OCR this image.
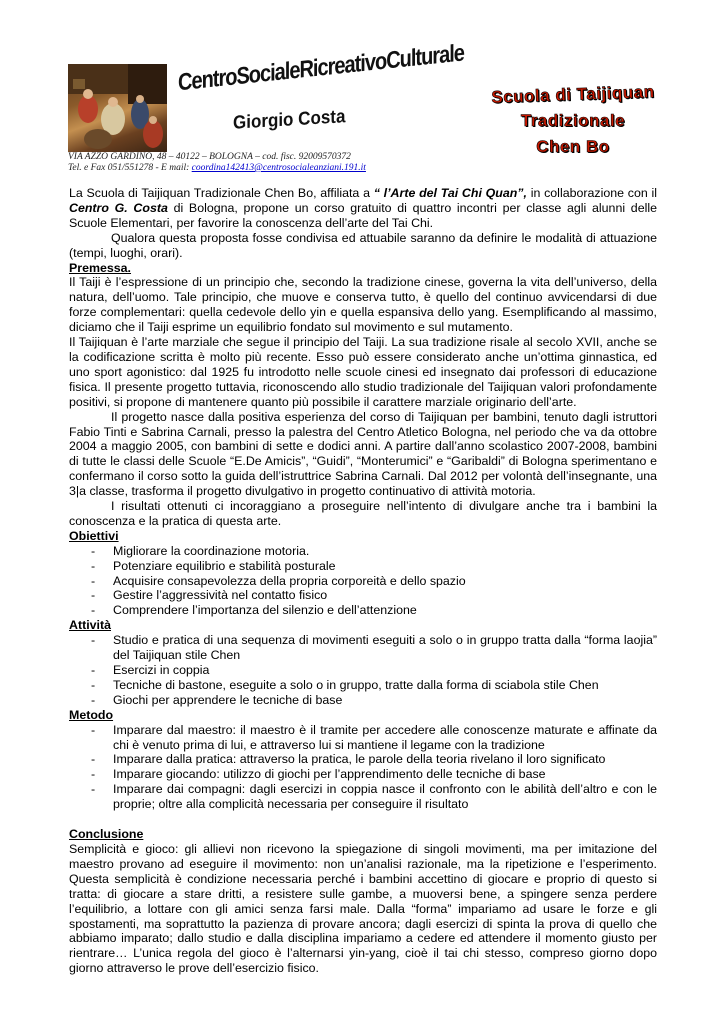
CentroSocialeRicreativoCulturale
Giorgio Costa
VIA AZZO GARDINO, 48 – 40122 – BOLOGNA – cod. fisc. 92009570372
Tel. e Fax 051/551278 - E mail: coordina142413@centrosocialeanziani.191.it
Scuola di Taijiquan
Tradizionale
Chen Bo

La Scuola di Taijiquan Tradizionale Chen Bo, affiliata a “ l’Arte del Tai Chi Quan”, in collaborazione con il Centro G. Costa di Bologna, propone un corso gratuito di quattro incontri per classe agli alunni delle Scuole Elementari, per favorire la conoscenza dell’arte del Tai Chi.

Qualora questa proposta fosse condivisa ed attuabile saranno da definire le modalità di attuazione (tempi, luoghi, orari).

Premessa.

Il Taiji è l’espressione di un principio che, secondo la tradizione cinese, governa la vita dell’universo, della natura, dell’uomo. Tale principio, che muove e conserva tutto, è quello del continuo avvicendarsi di due forze complementari: quella cedevole dello yin e quella espansiva dello yang. Esemplificando al massimo, diciamo che il Taiji esprime un equilibrio fondato sul movimento e sul mutamento.

Il Taijiquan è l’arte marziale che segue il principio del Taiji. La sua tradizione risale al secolo XVII, anche se la codificazione scritta è molto più recente. Esso può essere considerato anche un’ottima ginnastica, ed uno sport agonistico: dal 1925 fu introdotto nelle scuole cinesi ed insegnato dai professori di educazione fisica. Il presente progetto tuttavia, riconoscendo allo studio tradizionale del Taijiquan valori profondamente positivi, si propone di mantenere quanto più possibile il carattere marziale originario dell’arte.

Il progetto nasce dalla positiva esperienza del corso di Taijiquan per bambini, tenuto dagli istruttori Fabio Tinti e Sabrina Carnali, presso la palestra del Centro Atletico Bologna, nel periodo che va da ottobre 2004 a maggio 2005, con bambini di sette e dodici anni. A partire dall’anno scolastico 2007-2008, bambini di tutte le classi delle Scuole “E.De Amicis”, “Guidi”, “Monterumici” e “Garibaldi” di Bologna sperimentano e confermano il corso sotto la guida dell’istruttrice Sabrina Carnali. Dal 2012 per volontà dell’insegnante, una 3|a classe, trasforma il progetto divulgativo in progetto continuativo di attività motoria.

I risultati ottenuti ci incoraggiano a proseguire nell’intento di divulgare anche tra i bambini la conoscenza e la pratica di questa arte.

Obiettivi

- Migliorare la coordinazione motoria.
- Potenziare equilibrio e stabilità posturale
- Acquisire consapevolezza della propria corporeità e dello spazio
- Gestire l’aggressività nel contatto fisico
- Comprendere l’importanza del silenzio e dell’attenzione

Attività

- Studio e pratica di una sequenza di movimenti eseguiti a solo o in gruppo tratta dalla “forma laojia” del Taijiquan stile Chen
- Esercizi in coppia
- Tecniche di bastone, eseguite a solo o in gruppo, tratte dalla forma di sciabola stile Chen
- Giochi per apprendere le tecniche di base

Metodo

- Imparare dal maestro: il maestro è il tramite per accedere alle conoscenze maturate e affinate da chi è venuto prima di lui, e attraverso lui si mantiene il legame con la tradizione
- Imparare dalla pratica: attraverso la pratica, le parole della teoria rivelano il loro significato
- Imparare giocando: utilizzo di giochi per l’apprendimento delle tecniche di base
- Imparare dai compagni: dagli esercizi in coppia nasce il confronto con le abilità dell’altro e con le proprie; oltre alla complicità necessaria per conseguire il risultato

Conclusione

Semplicità e gioco: gli allievi non ricevono la spiegazione di singoli movimenti, ma per imitazione del maestro provano ad eseguire il movimento: non un’analisi razionale, ma la ripetizione e l’esperimento. Questa semplicità è condizione necessaria perché i bambini accettino di giocare e proprio di questo si tratta: di giocare a stare dritti, a resistere sulle gambe, a muoversi bene, a spingere senza perdere l’equilibrio, a lottare con gli amici senza farsi male. Dalla “forma” impariamo ad usare le forze e gli spostamenti, ma soprattutto la pazienza di provare ancora; dagli esercizi di spinta la prova di quello che abbiamo imparato; dallo studio e dalla disciplina impariamo a cedere ed attendere il momento giusto per rientrare… L’unica regola del gioco è l’alternarsi yin-yang, cioè il tai chi stesso, compreso giorno dopo giorno attraverso le prove dell’esercizio fisico.
